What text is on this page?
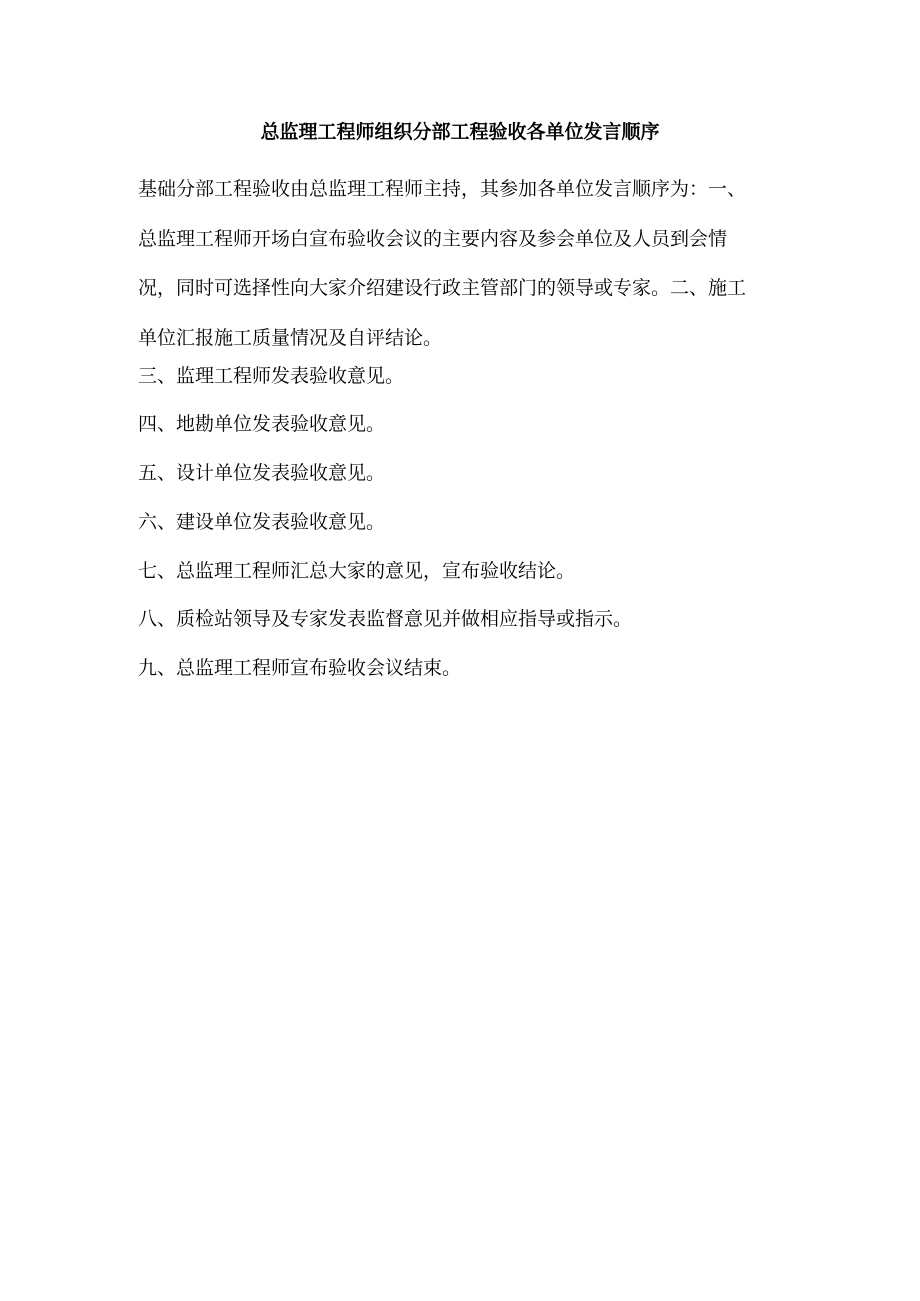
总监理工程师组织分部工程验收各单位发言顺序
基础分部工程验收由总监理工程师主持，其参加各单位发言顺序为：一、
总监理工程师开场白宣布验收会议的主要内容及参会单位及人员到会情
况，同时可选择性向大家介绍建设行政主管部门的领导或专家。二、施工
单位汇报施工质量情况及自评结论。
三、监理工程师发表验收意见。
四、地勘单位发表验收意见。
五、设计单位发表验收意见。
六、建设单位发表验收意见。
七、总监理工程师汇总大家的意见，宣布验收结论。
八、质检站领导及专家发表监督意见并做相应指导或指示。
九、总监理工程师宣布验收会议结束。
